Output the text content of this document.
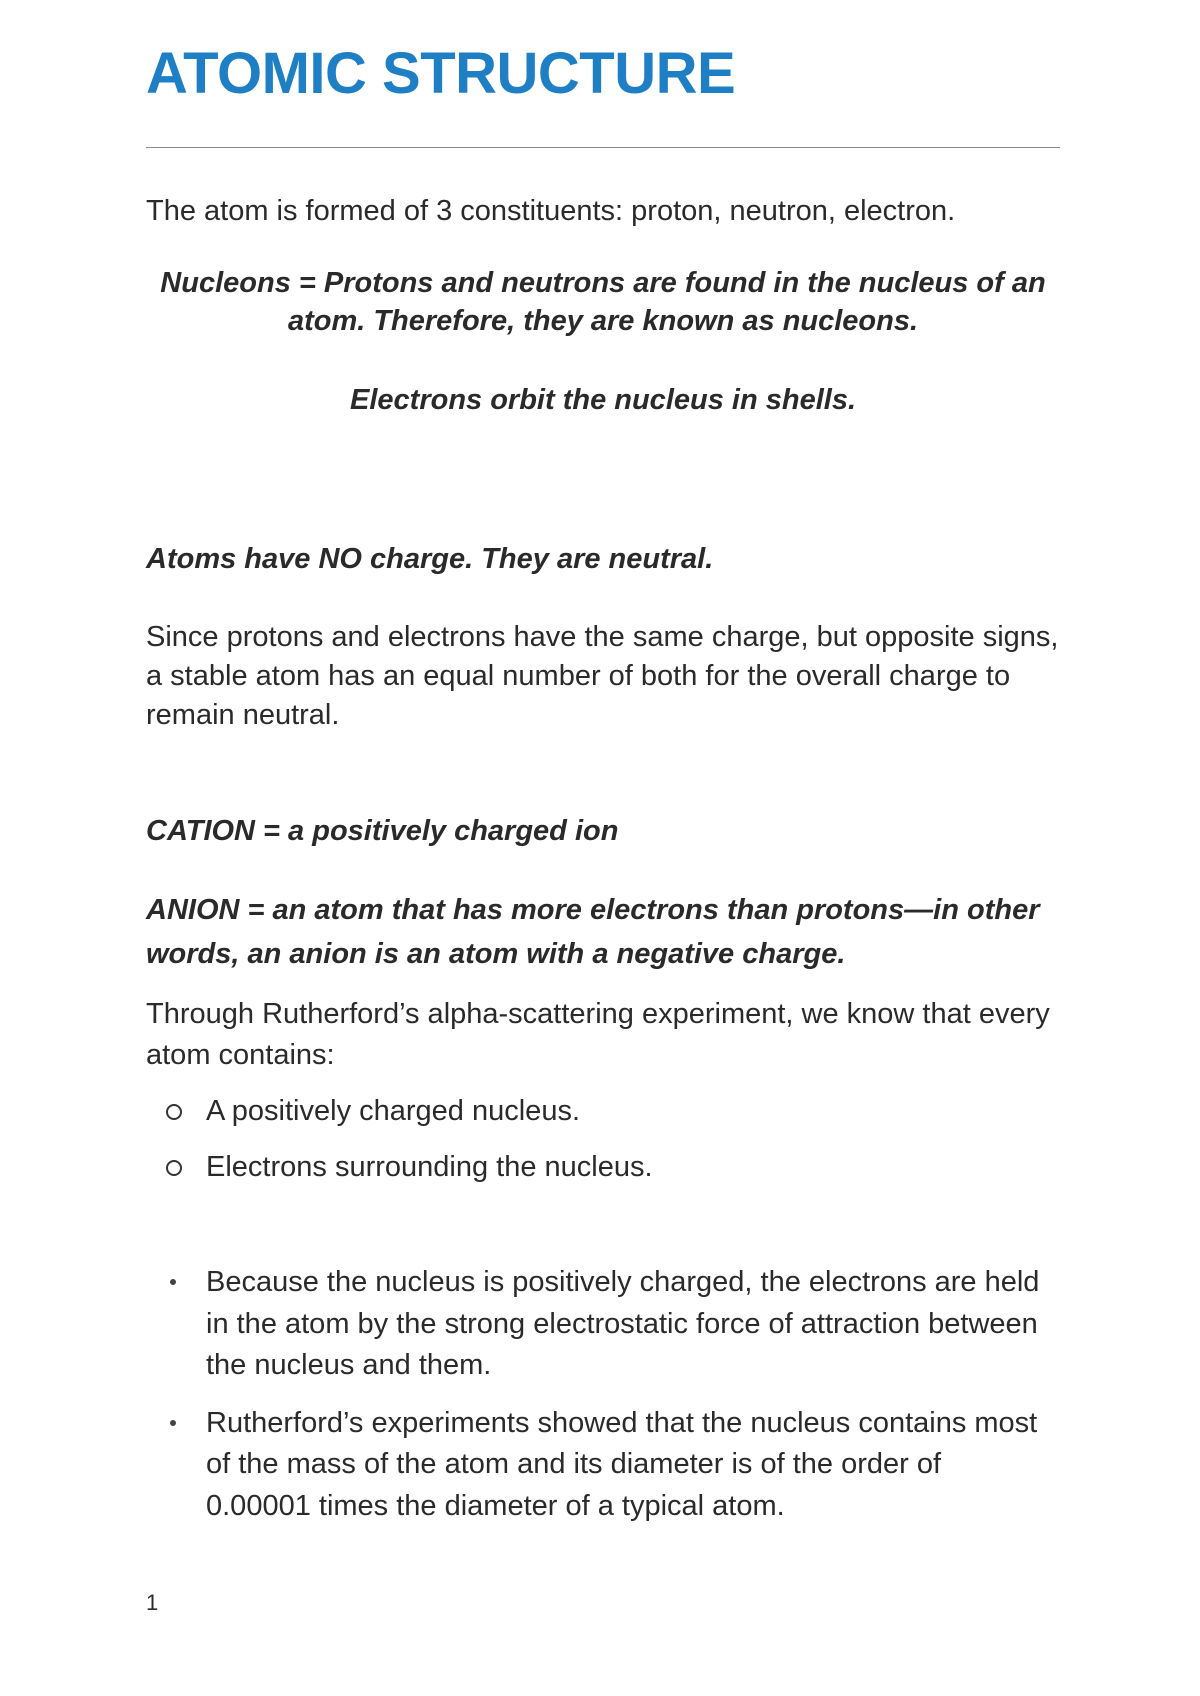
ATOMIC STRUCTURE

The atom is formed of 3 constituents: proton, neutron, electron.

Nucleons = Protons and neutrons are found in the nucleus of an atom. Therefore, they are known as nucleons.

Electrons orbit the nucleus in shells.

Atoms have NO charge. They are neutral.

Since protons and electrons have the same charge, but opposite signs, a stable atom has an equal number of both for the overall charge to remain neutral.

CATION = a positively charged ion

ANION = an atom that has more electrons than protons—in other words, an anion is an atom with a negative charge.

Through Rutherford’s alpha-scattering experiment, we know that every atom contains:

A positively charged nucleus.
Electrons surrounding the nucleus.
Because the nucleus is positively charged, the electrons are held in the atom by the strong electrostatic force of attraction between the nucleus and them.
Rutherford’s experiments showed that the nucleus contains most of the mass of the atom and its diameter is of the order of 0.00001 times the diameter of a typical atom.
1
